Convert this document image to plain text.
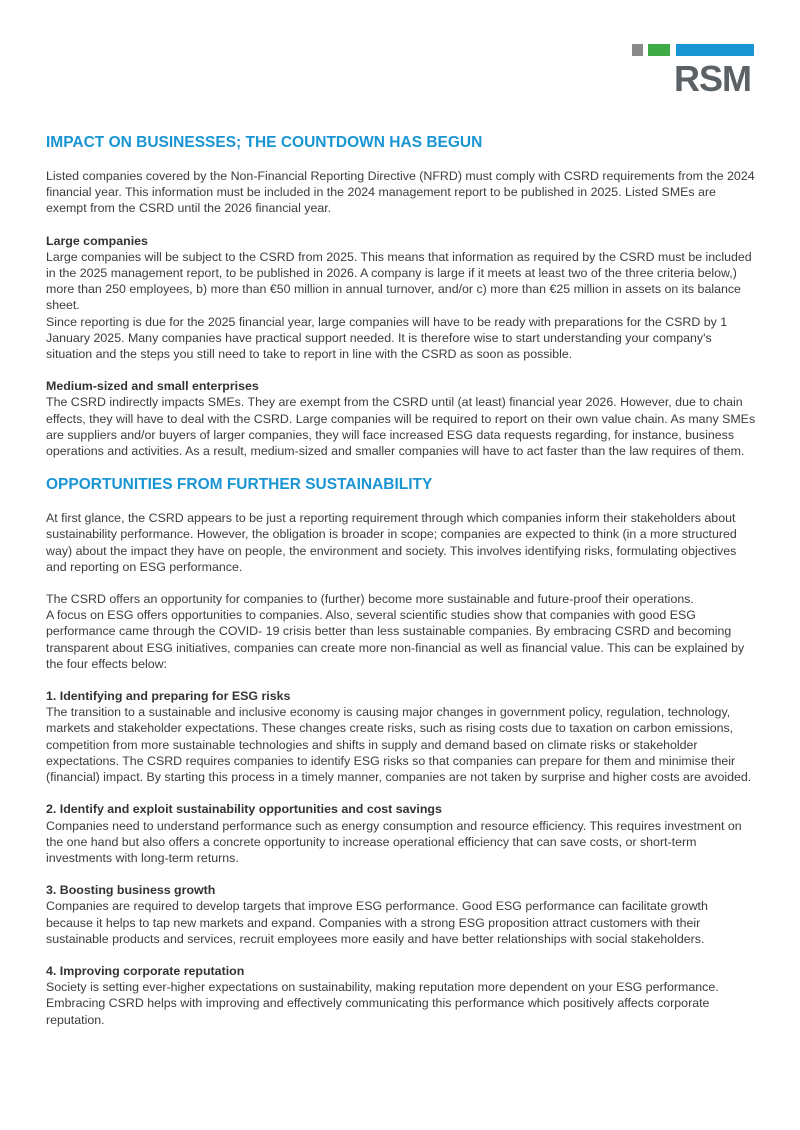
RSM
IMPACT ON BUSINESSES; THE COUNTDOWN HAS BEGUN

Listed companies covered by the Non-Financial Reporting Directive (NFRD) must comply with CSRD requirements from the 2024 financial year. This information must be included in the 2024 management report to be published in 2025. Listed SMEs are exempt from the CSRD until the 2026 financial year.

Large companies

Large companies will be subject to the CSRD from 2025. This means that information as required by the CSRD must be included in the 2025 management report, to be published in 2026. A company is large if it meets at least two of the three criteria below,) more than 250 employees, b) more than €50 million in annual turnover, and/or c) more than €25 million in assets on its balance sheet.

Since reporting is due for the 2025 financial year, large companies will have to be ready with preparations for the CSRD by 1 January 2025. Many companies have practical support needed. It is therefore wise to start understanding your company's situation and the steps you still need to take to report in line with the CSRD as soon as possible.

Medium-sized and small enterprises

The CSRD indirectly impacts SMEs. They are exempt from the CSRD until (at least) financial year 2026. However, due to chain effects, they will have to deal with the CSRD. Large companies will be required to report on their own value chain. As many SMEs are suppliers and/or buyers of larger companies, they will face increased ESG data requests regarding, for instance, business operations and activities. As a result, medium-sized and smaller companies will have to act faster than the law requires of them.

OPPORTUNITIES FROM FURTHER SUSTAINABILITY

At first glance, the CSRD appears to be just a reporting requirement through which companies inform their stakeholders about sustainability performance. However, the obligation is broader in scope; companies are expected to think (in a more structured way) about the impact they have on people, the environment and society. This involves identifying risks, formulating objectives and reporting on ESG performance.

The CSRD offers an opportunity for companies to (further) become more sustainable and future-proof their operations.

A focus on ESG offers opportunities to companies. Also, several scientific studies show that companies with good ESG performance came through the COVID- 19 crisis better than less sustainable companies. By embracing CSRD and becoming transparent about ESG initiatives, companies can create more non-financial as well as financial value. This can be explained by the four effects below:

1. Identifying and preparing for ESG risks

The transition to a sustainable and inclusive economy is causing major changes in government policy, regulation, technology, markets and stakeholder expectations. These changes create risks, such as rising costs due to taxation on carbon emissions, competition from more sustainable technologies and shifts in supply and demand based on climate risks or stakeholder expectations. The CSRD requires companies to identify ESG risks so that companies can prepare for them and minimise their (financial) impact. By starting this process in a timely manner, companies are not taken by surprise and higher costs are avoided.

2. Identify and exploit sustainability opportunities and cost savings

Companies need to understand performance such as energy consumption and resource efficiency. This requires investment on the one hand but also offers a concrete opportunity to increase operational efficiency that can save costs, or short-term investments with long-term returns.

3. Boosting business growth

Companies are required to develop targets that improve ESG performance. Good ESG performance can facilitate growth because it helps to tap new markets and expand. Companies with a strong ESG proposition attract customers with their sustainable products and services, recruit employees more easily and have better relationships with social stakeholders.

4. Improving corporate reputation

Society is setting ever-higher expectations on sustainability, making reputation more dependent on your ESG performance. Embracing CSRD helps with improving and effectively communicating this performance which positively affects corporate reputation.
